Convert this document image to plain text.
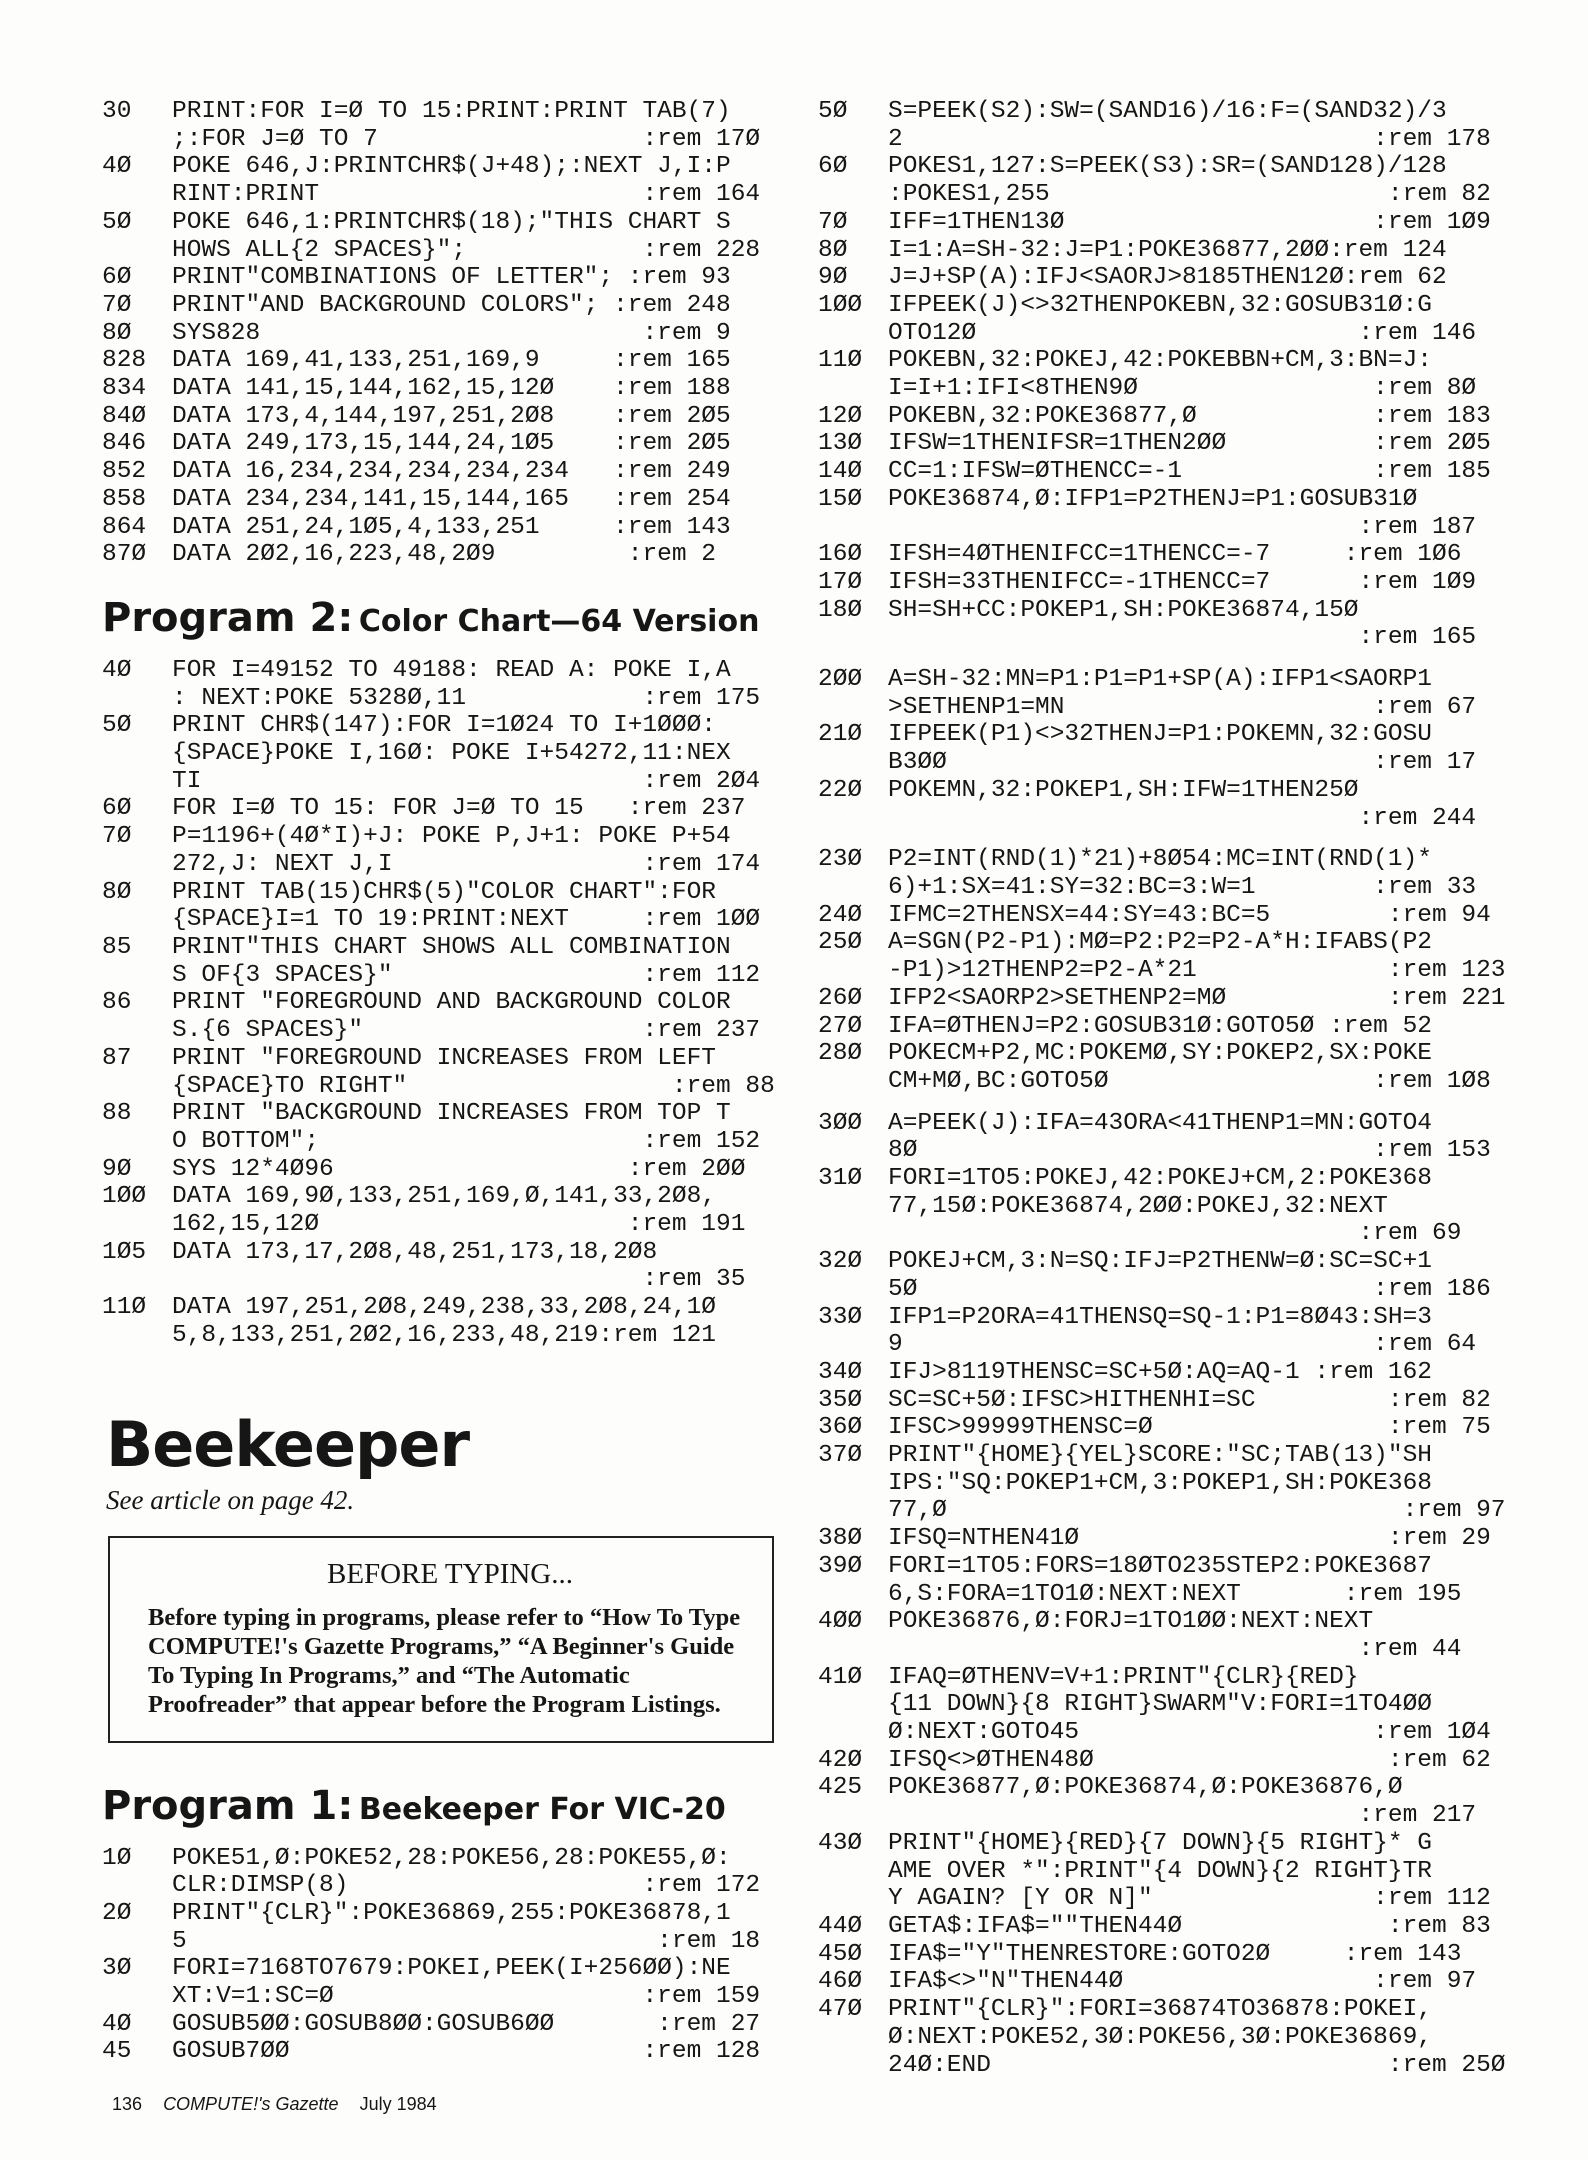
30	PRINT:FOR I=Ø TO 15:PRINT:PRINT TAB(7)
;:FOR J=Ø TO 7                  :rem 17Ø
4Ø	POKE 646,J:PRINTCHR$(J+48);:NEXT J,I:P
RINT:PRINT                      :rem 164
5Ø	POKE 646,1:PRINTCHR$(18);"THIS CHART S
HOWS ALL{2 SPACES}";            :rem 228
6Ø	PRINT"COMBINATIONS OF LETTER"; :rem 93
7Ø	PRINT"AND BACKGROUND COLORS"; :rem 248
8Ø	SYS828                          :rem 9
828	DATA 169,41,133,251,169,9     :rem 165
834	DATA 141,15,144,162,15,12Ø    :rem 188
84Ø	DATA 173,4,144,197,251,2Ø8    :rem 2Ø5
846	DATA 249,173,15,144,24,1Ø5    :rem 2Ø5
852	DATA 16,234,234,234,234,234   :rem 249
858	DATA 234,234,141,15,144,165   :rem 254
864	DATA 251,24,1Ø5,4,133,251     :rem 143
87Ø	DATA 2Ø2,16,223,48,2Ø9         :rem 2
Program 2: Color Chart—64 Version
4Ø	FOR I=49152 TO 49188: READ A: POKE I,A
: NEXT:POKE 5328Ø,11            :rem 175
5Ø	PRINT CHR$(147):FOR I=1Ø24 TO I+1ØØØ:
{SPACE}POKE I,16Ø: POKE I+54272,11:NEX
TI                              :rem 2Ø4
6Ø	FOR I=Ø TO 15: FOR J=Ø TO 15   :rem 237
7Ø	P=1196+(4Ø*I)+J: POKE P,J+1: POKE P+54
272,J: NEXT J,I                 :rem 174
8Ø	PRINT TAB(15)CHR$(5)"COLOR CHART":FOR
{SPACE}I=1 TO 19:PRINT:NEXT     :rem 1ØØ
85	PRINT"THIS CHART SHOWS ALL COMBINATION
S OF{3 SPACES}"                 :rem 112
86	PRINT "FOREGROUND AND BACKGROUND COLOR
S.{6 SPACES}"                   :rem 237
87	PRINT "FOREGROUND INCREASES FROM LEFT
{SPACE}TO RIGHT"                  :rem 88
88	PRINT "BACKGROUND INCREASES FROM TOP T
O BOTTOM";                      :rem 152
9Ø	SYS 12*4Ø96                    :rem 2ØØ
1ØØ	DATA 169,9Ø,133,251,169,Ø,141,33,2Ø8,
162,15,12Ø                     :rem 191
1Ø5	DATA 173,17,2Ø8,48,251,173,18,2Ø8
:rem 35
11Ø	DATA 197,251,2Ø8,249,238,33,2Ø8,24,1Ø
5,8,133,251,2Ø2,16,233,48,219:rem 121
Beekeeper
See article on page 42.
BEFORE TYPING...
Before typing in programs, please refer to “How To Type COMPUTE!'s Gazette Programs,” “A Beginner's Guide To Typing In Programs,” and “The Automatic Proofreader” that appear before the Program Listings.
Program 1: Beekeeper For VIC-20
1Ø	POKE51,Ø:POKE52,28:POKE56,28:POKE55,Ø:
CLR:DIMSP(8)                    :rem 172
2Ø	PRINT"{CLR}":POKE36869,255:POKE36878,1
5                                :rem 18
3Ø	FORI=7168TO7679:POKEI,PEEK(I+256ØØ):NE
XT:V=1:SC=Ø                     :rem 159
4Ø	GOSUB5ØØ:GOSUB8ØØ:GOSUB6ØØ       :rem 27
45	GOSUB7ØØ                        :rem 128
5Ø	S=PEEK(S2):SW=(SAND16)/16:F=(SAND32)/3
2                                :rem 178
6Ø	POKES1,127:S=PEEK(S3):SR=(SAND128)/128
:POKES1,255                       :rem 82
7Ø	IFF=1THEN13Ø                     :rem 1Ø9
8Ø	I=1:A=SH-32:J=P1:POKE36877,2ØØ:rem 124
9Ø	J=J+SP(A):IFJ<SAORJ>8185THEN12Ø:rem 62
1ØØ	IFPEEK(J)<>32THENPOKEBN,32:GOSUB31Ø:G
OTO12Ø                          :rem 146
11Ø	POKEBN,32:POKEJ,42:POKEBBN+CM,3:BN=J:
I=I+1:IFI<8THEN9Ø                :rem 8Ø
12Ø	POKEBN,32:POKE36877,Ø            :rem 183
13Ø	IFSW=1THENIFSR=1THEN2ØØ          :rem 2Ø5
14Ø	CC=1:IFSW=ØTHENCC=-1             :rem 185
15Ø	POKE36874,Ø:IFP1=P2THENJ=P1:GOSUB31Ø
:rem 187
16Ø	IFSH=4ØTHENIFCC=1THENCC=-7     :rem 1Ø6
17Ø	IFSH=33THENIFCC=-1THENCC=7      :rem 1Ø9
18Ø	SH=SH+CC:POKEP1,SH:POKE36874,15Ø
:rem 165
2ØØ	A=SH-32:MN=P1:P1=P1+SP(A):IFP1<SAORP1
>SETHENP1=MN                     :rem 67
21Ø	IFPEEK(P1)<>32THENJ=P1:POKEMN,32:GOSU
B3ØØ                             :rem 17
22Ø	POKEMN,32:POKEP1,SH:IFW=1THEN25Ø
:rem 244
23Ø	P2=INT(RND(1)*21)+8Ø54:MC=INT(RND(1)*
6)+1:SX=41:SY=32:BC=3:W=1        :rem 33
24Ø	IFMC=2THENSX=44:SY=43:BC=5        :rem 94
25Ø	A=SGN(P2-P1):MØ=P2:P2=P2-A*H:IFABS(P2
-P1)>12THENP2=P2-A*21             :rem 123
26Ø	IFP2<SAORP2>SETHENP2=MØ           :rem 221
27Ø	IFA=ØTHENJ=P2:GOSUB31Ø:GOTO5Ø :rem 52
28Ø	POKECM+P2,MC:POKEMØ,SY:POKEP2,SX:POKE
CM+MØ,BC:GOTO5Ø                  :rem 1Ø8
3ØØ	A=PEEK(J):IFA=43ORA<41THENP1=MN:GOTO4
8Ø                               :rem 153
31Ø	FORI=1TO5:POKEJ,42:POKEJ+CM,2:POKE368
77,15Ø:POKE36874,2ØØ:POKEJ,32:NEXT
:rem 69
32Ø	POKEJ+CM,3:N=SQ:IFJ=P2THENW=Ø:SC=SC+1
5Ø                               :rem 186
33Ø	IFP1=P2ORA=41THENSQ=SQ-1:P1=8Ø43:SH=3
9                                :rem 64
34Ø	IFJ>8119THENSC=SC+5Ø:AQ=AQ-1 :rem 162
35Ø	SC=SC+5Ø:IFSC>HITHENHI=SC         :rem 82
36Ø	IFSC>99999THENSC=Ø                :rem 75
37Ø	PRINT"{HOME}{YEL}SCORE:"SC;TAB(13)"SH
IPS:"SQ:POKEP1+CM,3:POKEP1,SH:POKE368
77,Ø                               :rem 97
38Ø	IFSQ=NTHEN41Ø                     :rem 29
39Ø	FORI=1TO5:FORS=18ØTO235STEP2:POKE3687
6,S:FORA=1TO1Ø:NEXT:NEXT       :rem 195
4ØØ	POKE36876,Ø:FORJ=1TO1ØØ:NEXT:NEXT
:rem 44
41Ø	IFAQ=ØTHENV=V+1:PRINT"{CLR}{RED}
{11 DOWN}{8 RIGHT}SWARM"V:FORI=1TO4ØØ
Ø:NEXT:GOTO45                    :rem 1Ø4
42Ø	IFSQ<>ØTHEN48Ø                    :rem 62
425	POKE36877,Ø:POKE36874,Ø:POKE36876,Ø
:rem 217
43Ø	PRINT"{HOME}{RED}{7 DOWN}{5 RIGHT}* G
AME OVER *":PRINT"{4 DOWN}{2 RIGHT}TR
Y AGAIN? [Y OR N]"               :rem 112
44Ø	GETA$:IFA$=""THEN44Ø              :rem 83
45Ø	IFA$="Y"THENRESTORE:GOTO2Ø     :rem 143
46Ø	IFA$<>"N"THEN44Ø                 :rem 97
47Ø	PRINT"{CLR}":FORI=36874TO36878:POKEI,
Ø:NEXT:POKE52,3Ø:POKE56,3Ø:POKE36869,
24Ø:END                           :rem 25Ø
136 COMPUTE!'s Gazette July 1984
